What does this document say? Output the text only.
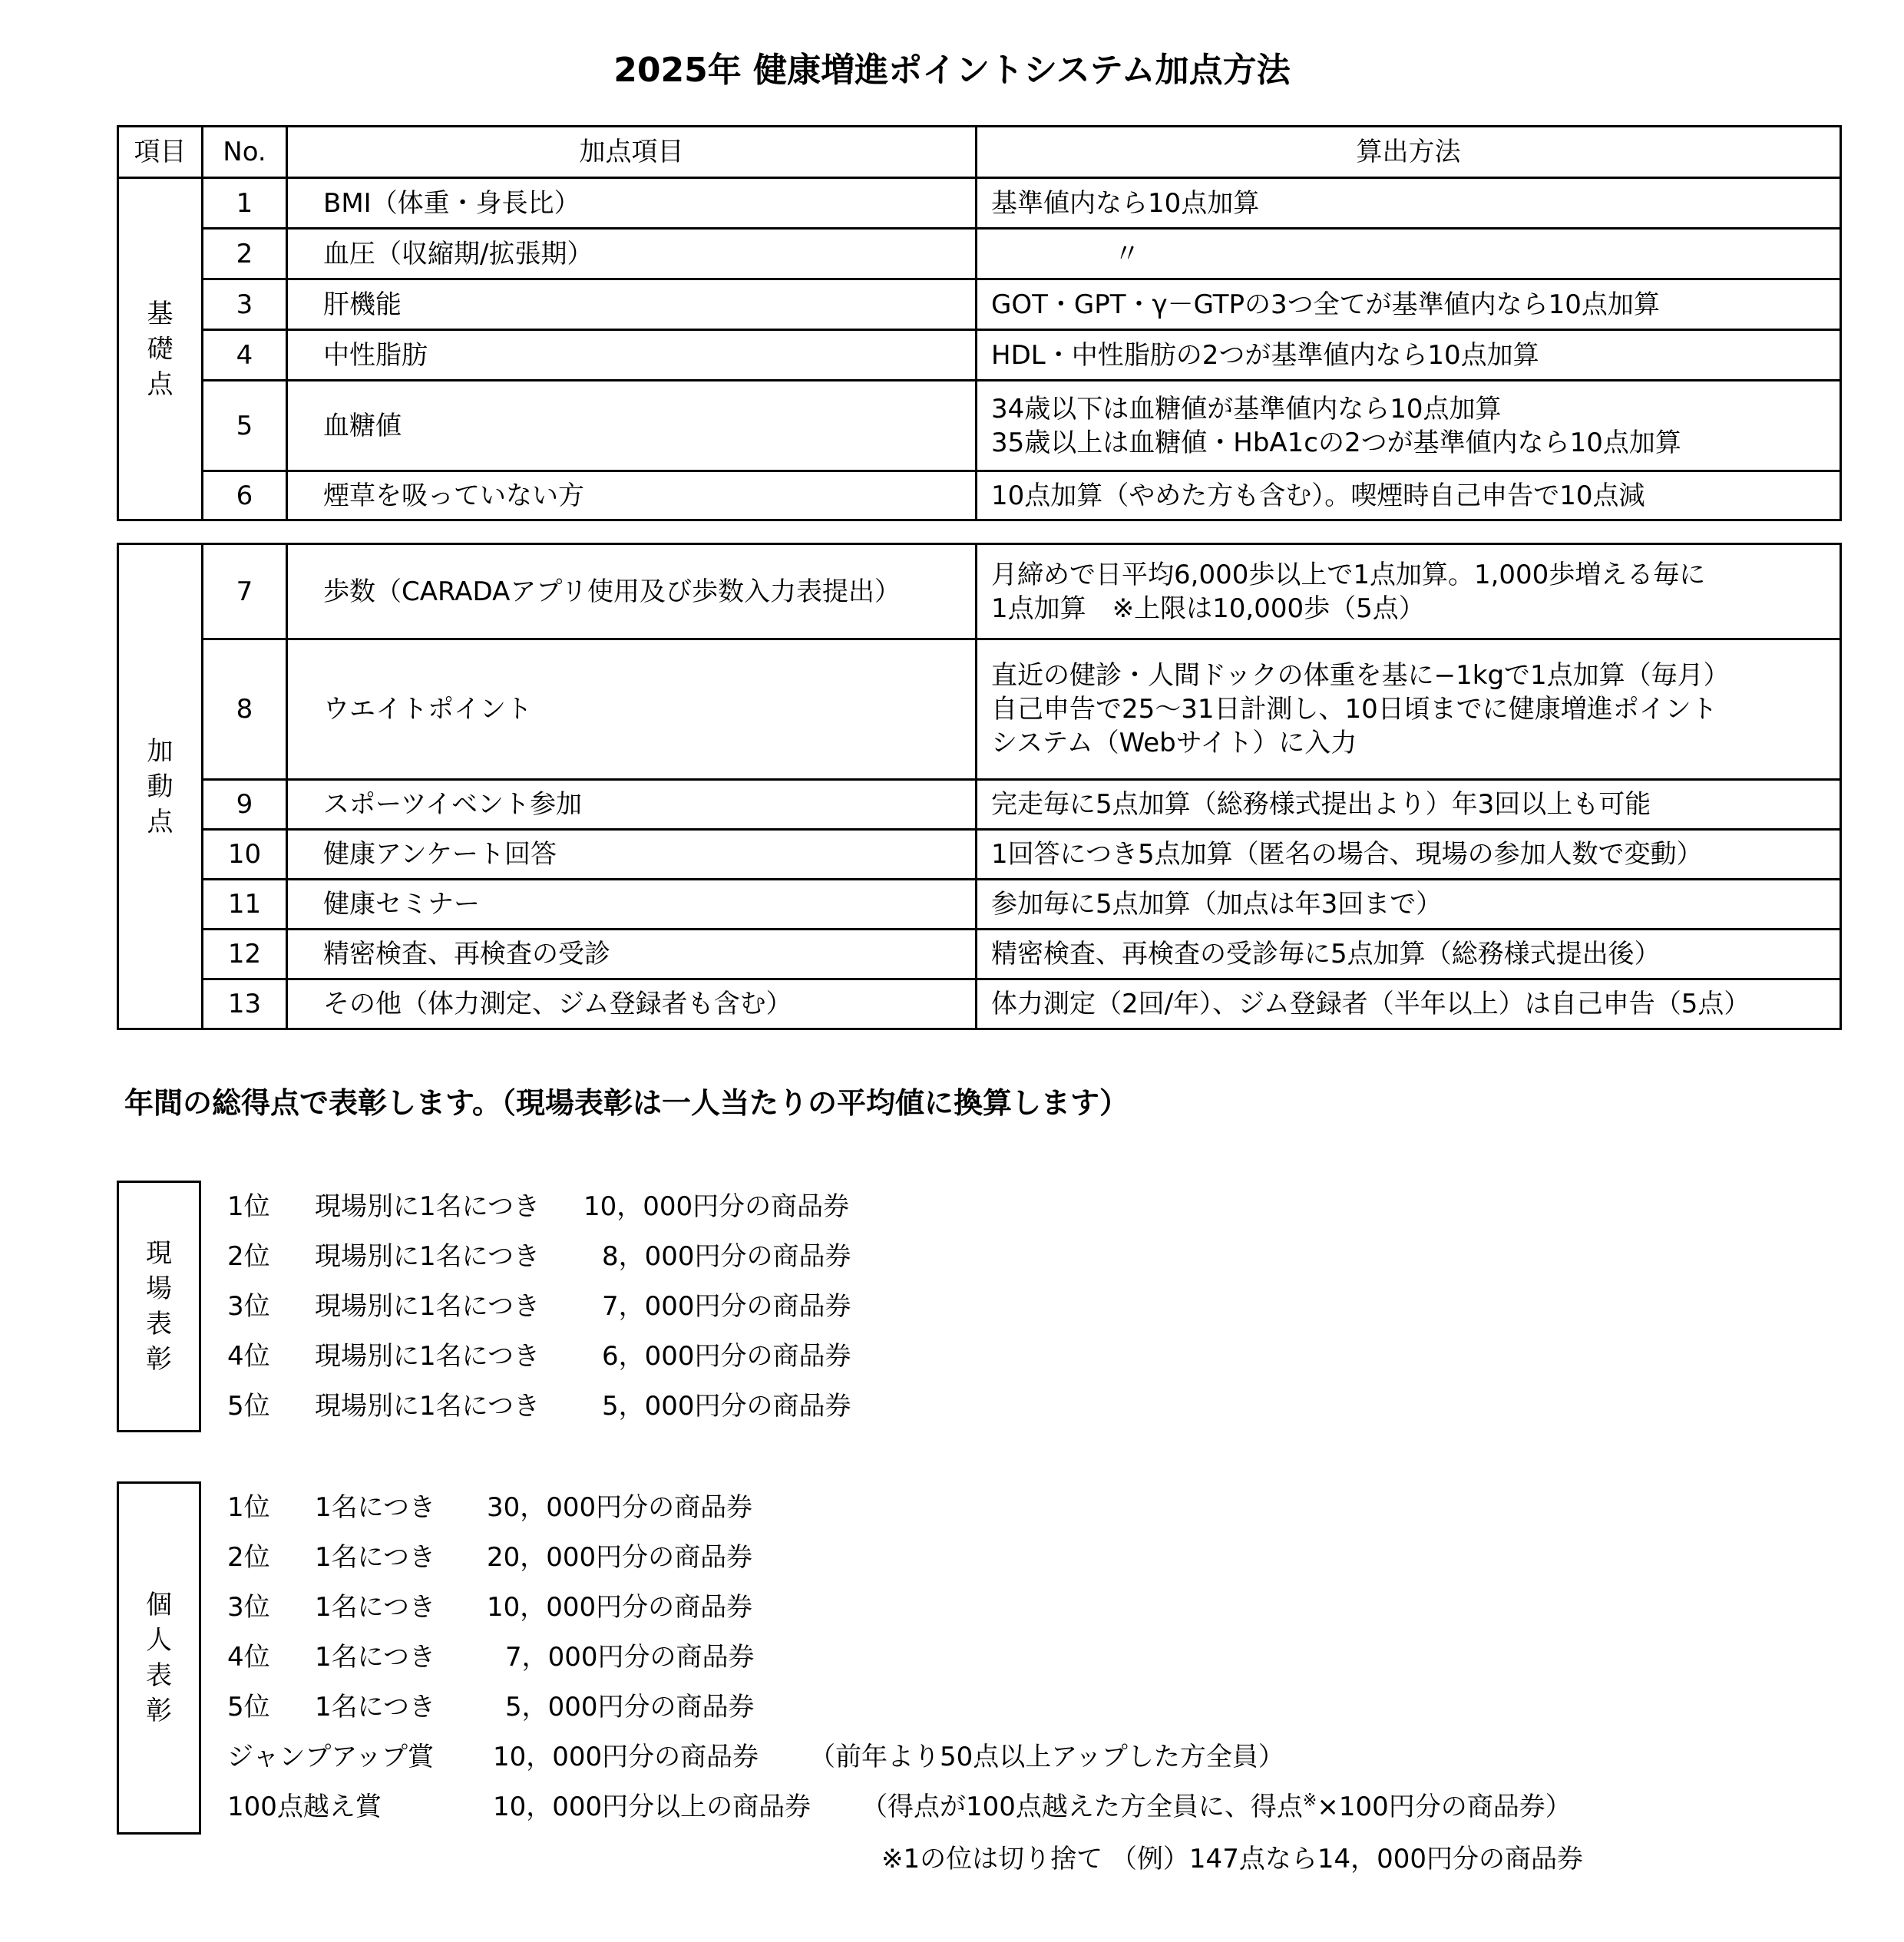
2025年 健康増進ポイントシステム加点方法
項目	No.	加点項目	算出方法

基
礎
点	1	BMI（体重・身長比）	基準値内なら10点加算

	2	血圧（収縮期/拡張期）	〃
	3	肝機能	GOT・GPT・γ－GTPの3つ全てが基準値内なら10点加算

	4	中性脂肪	HDL・中性脂肪の2つが基準値内なら10点加算

	5	血糖値	34歳以下は血糖値が基準値内なら10点加算
35歳以上は血糖値・HbA1cの2つが基準値内なら10点加算

	6	煙草を吸っていない方	10点加算（やめた方も含む）。喫煙時自己申告で10点減
加
動
点	7	歩数（CARADAアプリ使用及び歩数入力表提出）	月締めで日平均6,000歩以上で1点加算。1,000歩増える毎に
1点加算　※上限は10,000歩（5点）

	8	ウエイトポイント	直近の健診・人間ドックの体重を基に−1kgで1点加算（毎月）
自己申告で25～31日計測し、10日頃までに健康増進ポイント
システム（Webサイト）に入力

	9	スポーツイベント参加	完走毎に5点加算（総務様式提出より）年3回以上も可能

	10	健康アンケート回答	1回答につき5点加算（匿名の場合、現場の参加人数で変動）

	11	健康セミナー	参加毎に5点加算（加点は年3回まで）

	12	精密検査、再検査の受診	精密検査、再検査の受診毎に5点加算（総務様式提出後）

	13	その他（体力測定、ジム登録者も含む）	体力測定（2回/年）、ジム登録者（半年以上）は自己申告（5点）
年間の総得点で表彰します。（現場表彰は一人当たりの平均値に換算します）
現
場
表
彰
1位 現場別に1名につき 10，000円分の商品券
2位 現場別に1名につき 8，000円分の商品券
3位 現場別に1名につき 7，000円分の商品券
4位 現場別に1名につき 6，000円分の商品券
5位 現場別に1名につき 5，000円分の商品券
個
人
表
彰
1位 1名につき 30，000円分の商品券
2位 1名につき 20，000円分の商品券
3位 1名につき 10，000円分の商品券
4位 1名につき	7，000円分の商品券
5位 1名につき	5，000円分の商品券
ジャンプアップ賞 10，000円分の商品券 （前年より50点以上アップした方全員）
100点越え賞	10，000円分以上の商品券 （得点が100点越えた方全員に、得点※×100円分の商品券）
※1の位は切り捨て （例）147点なら14，000円分の商品券
